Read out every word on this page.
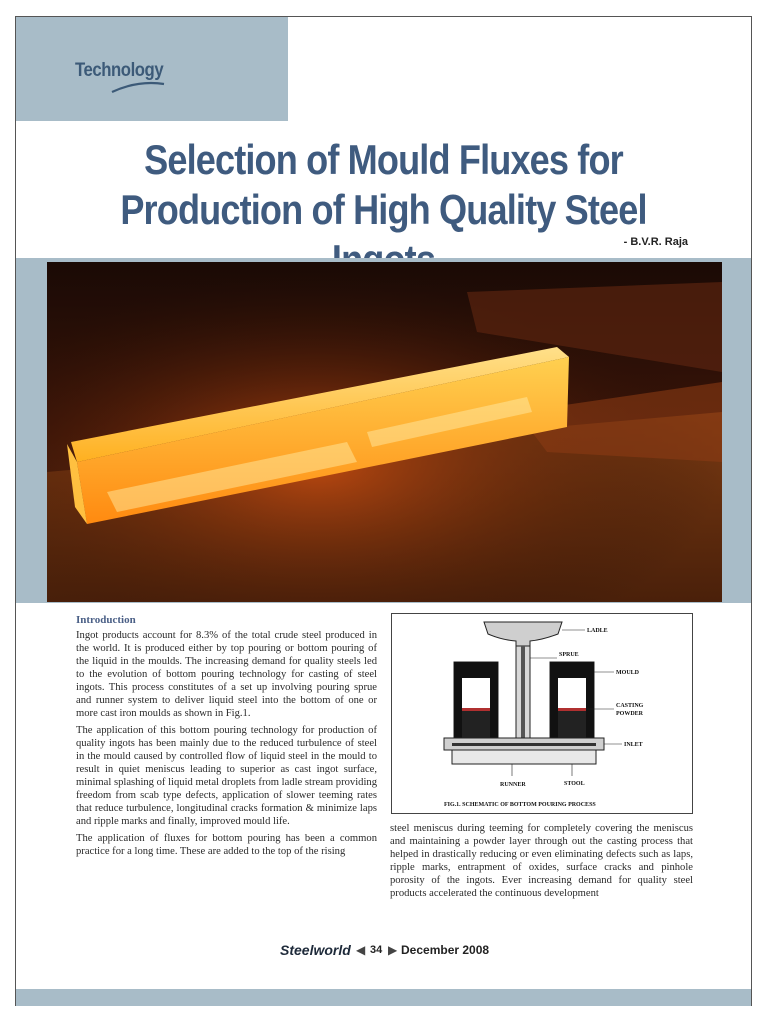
Technology
Selection of Mould Fluxes for
Production of High Quality Steel
- B.V.R. Raja
Introduction

Ingot products account for 8.3% of the total crude steel produced in the world. It is produced either by top pouring or bottom pouring of the liquid in the moulds. The increasing demand for quality steels led to the evolution of bottom pouring technology for casting of steel ingots. This process constitutes of a set up involving pouring sprue and runner system to deliver liquid steel into the bottom of one or more cast iron moulds as shown in Fig.1.

The application of this bottom pouring technology for production of quality ingots has been mainly due to the reduced turbulence of steel in the mould caused by controlled flow of liquid steel in the mould to result in quiet meniscus leading to superior as cast ingot surface, minimal splashing of liquid metal droplets from ladle stream providing freedom from scab type defects, application of slower teeming rates that reduce turbulence, longitudinal cracks formation & minimize laps and ripple marks and finally, improved mould life.

The application of fluxes for bottom pouring has been a common practice for a long time. These are added to the top of the rising

LADLE
SPRUE
MOULD
CASTING
POWDER
INLET
RUNNER	STOOL
FIG.1. SCHEMATIC OF BOTTOM POURING PROCESS

steel meniscus during teeming for completely covering the meniscus and maintaining a powder layer through out the casting process that helped in drastically reducing or even eliminating defects such as laps, ripple marks, entrapment of oxides, surface cracks and pinhole porosity of the ingots. Ever increasing demand for quality steel products accelerated the continuous development

Steelworld ◀ 34 ▶ December 2008
